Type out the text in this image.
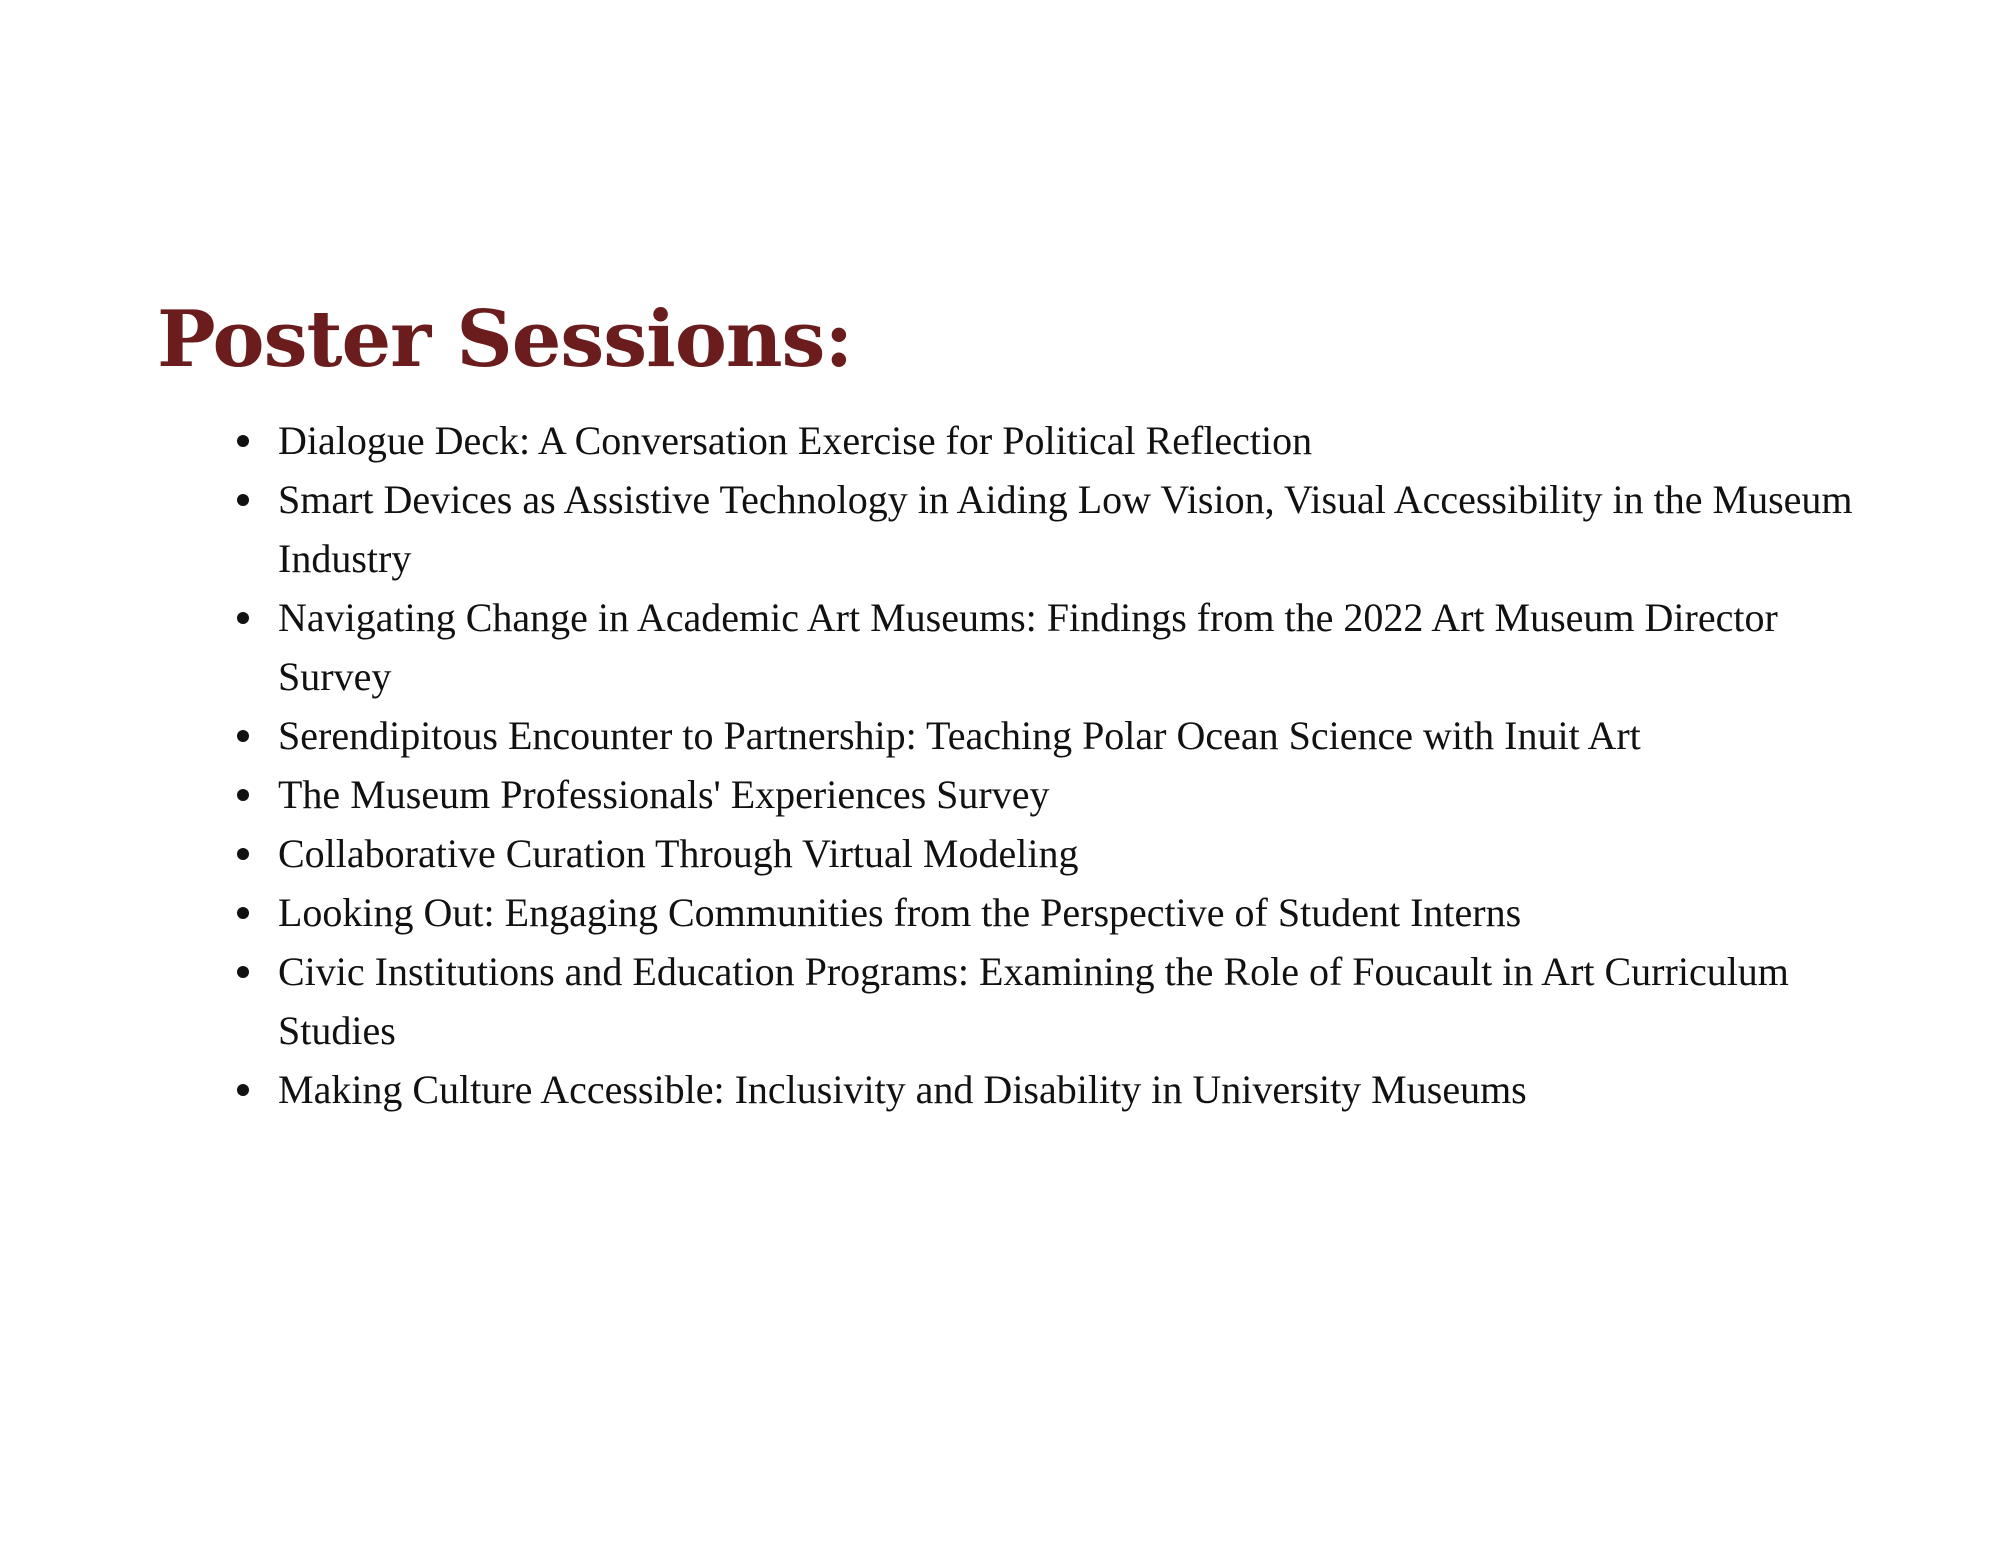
Poster Sessions:
Dialogue Deck: A Conversation Exercise for Political Reflection
Smart Devices as Assistive Technology in Aiding Low Vision, Visual Accessibility in the Museum Industry
Navigating Change in Academic Art Museums: Findings from the 2022 Art Museum Director Survey
Serendipitous Encounter to Partnership: Teaching Polar Ocean Science with Inuit Art
The Museum Professionals' Experiences Survey
Collaborative Curation Through Virtual Modeling
Looking Out: Engaging Communities from the Perspective of Student Interns
Civic Institutions and Education Programs: Examining the Role of Foucault in Art Curriculum Studies
Making Culture Accessible: Inclusivity and Disability in University Museums
